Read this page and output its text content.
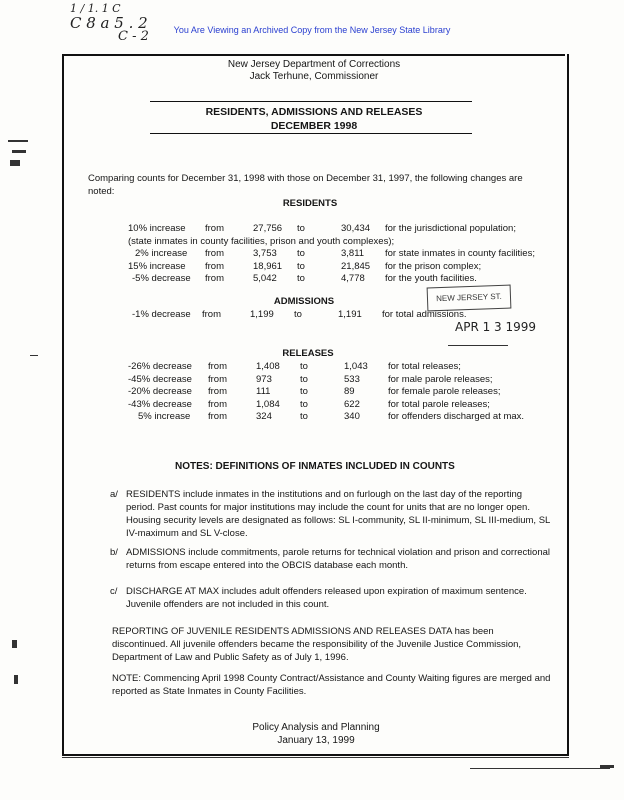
1 / 1. 1 C
C 8 a 5 . 2
C - 2	You Are Viewing an Archived Copy from the New Jersey State Library
New Jersey Department of Corrections
Jack Terhune, Commissioner
RESIDENTS, ADMISSIONS AND RELEASES
DECEMBER 1998
Comparing counts for December 31, 1998 with those on December 31, 1997, the following changes are noted:
RESIDENTS
10% increase	from	27,756	to	30,434	for the jurisdictional population;
(state inmates in county facilities, prison and youth complexes);					
2% increase	from	3,753	to	3,811	for state inmates in county facilities;
15% increase	from	18,961	to	21,845	for the prison complex;
-5% decrease	from	5,042	to	4,778	for the youth facilities.
NEW JERSEY ST.
APR 1 3 1999
ADMISSIONS
-1% decrease	from	1,199	to	1,191	for total admissions.
RELEASES
-26% decrease	from	1,408	to	1,043	for total releases;
-45% decrease	from	973	to	533	for male parole releases;
-20% decrease	from	111	to	89	for female parole releases;
-43% decrease	from	1,084	to	622	for total parole releases;
5% increase	from	324	to	340	for offenders discharged at max.
NOTES: DEFINITIONS OF INMATES INCLUDED IN COUNTS
a/ RESIDENTS include inmates in the institutions and on furlough on the last day of the reporting period. Past counts for major institutions may include the count for units that are no longer open. Housing security levels are designated as follows: SL I-community, SL II-minimum, SL III-medium, SL IV-maximum and SL V-close.
b/ ADMISSIONS include commitments, parole returns for technical violation and prison and correctional returns from escape entered into the OBCIS database each month.
c/ DISCHARGE AT MAX includes adult offenders released upon expiration of maximum sentence. Juvenile offenders are not included in this count.
REPORTING OF JUVENILE RESIDENTS ADMISSIONS AND RELEASES DATA has been discontinued. All juvenile offenders became the responsibility of the Juvenile Justice Commission, Department of Law and Public Safety as of July 1, 1996.
NOTE: Commencing April 1998 County Contract/Assistance and County Waiting figures are merged and reported as State Inmates in County Facilities.
Policy Analysis and Planning
January 13, 1999
